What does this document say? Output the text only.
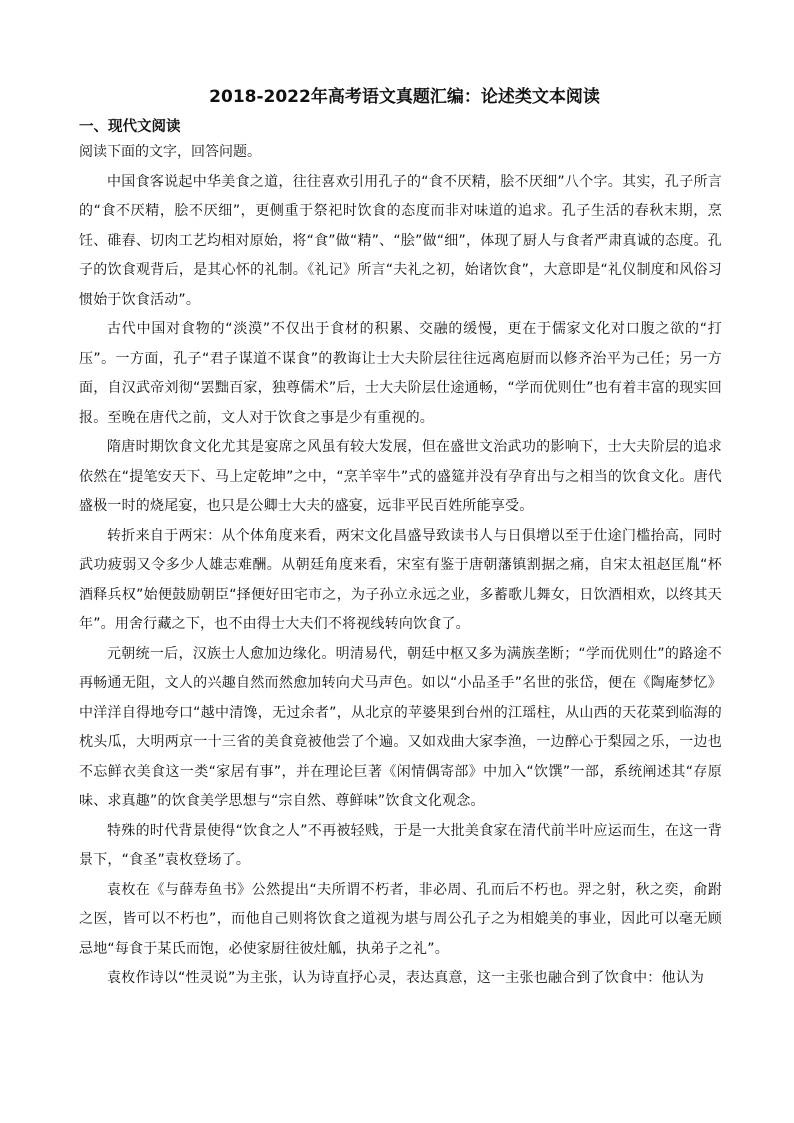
2018-2022年高考语文真题汇编：论述类文本阅读

一、现代文阅读

阅读下面的文字，回答问题。

中国食客说起中华美食之道，往往喜欢引用孔子的“食不厌精，脍不厌细”八个字。其实，孔子所言的“食不厌精，脍不厌细”，更侧重于祭祀时饮食的态度而非对味道的追求。孔子生活的春秋末期，烹饪、碓舂、切肉工艺均相对原始，将“食”做“精”、“脍”做“细”，体现了厨人与食者严肃真诚的态度。孔子的饮食观背后，是其心怀的礼制。《礼记》所言“夫礼之初，始诸饮食”，大意即是“礼仪制度和风俗习惯始于饮食活动”。

古代中国对食物的“淡漠”不仅出于食材的积累、交融的缓慢，更在于儒家文化对口腹之欲的“打压”。一方面，孔子“君子谋道不谋食”的教诲让士大夫阶层往往远离庖厨而以修齐治平为己任；另一方面，自汉武帝刘彻“罢黜百家，独尊儒术”后，士大夫阶层仕途通畅，“学而优则仕”也有着丰富的现实回报。至晚在唐代之前，文人对于饮食之事是少有重视的。

隋唐时期饮食文化尤其是宴席之风虽有较大发展，但在盛世文治武功的影响下，士大夫阶层的追求依然在“提笔安天下、马上定乾坤”之中，“烹羊宰牛”式的盛筵并没有孕育出与之相当的饮食文化。唐代盛极一时的烧尾宴，也只是公卿士大夫的盛宴，远非平民百姓所能享受。

转折来自于两宋：从个体角度来看，两宋文化昌盛导致读书人与日俱增以至于仕途门槛抬高，同时武功疲弱又令多少人雄志难酬。从朝廷角度来看，宋室有鉴于唐朝藩镇割据之痛，自宋太祖赵匡胤“杯酒释兵权”始便鼓励朝臣“择便好田宅市之，为子孙立永远之业，多蓄歌儿舞女，日饮酒相欢，以终其天年”。用舍行藏之下，也不由得士大夫们不将视线转向饮食了。

元朝统一后，汉族士人愈加边缘化。明清易代，朝廷中枢又多为满族垄断；“学而优则仕”的路途不再畅通无阻，文人的兴趣自然而然愈加转向犬马声色。如以“小品圣手”名世的张岱，便在《陶庵梦忆》中洋洋自得地夸口“越中清馋，无过余者”，从北京的苹婆果到台州的江瑶柱，从山西的天花菜到临海的枕头瓜，大明两京一十三省的美食竟被他尝了个遍。又如戏曲大家李渔，一边醉心于梨园之乐，一边也不忘鲜衣美食这一类“家居有事”，并在理论巨著《闲情偶寄部》中加入“饮馔”一部，系统阐述其“存原味、求真趣”的饮食美学思想与“宗自然、尊鲜味”饮食文化观念。

特殊的时代背景使得“饮食之人”不再被轻贱，于是一大批美食家在清代前半叶应运而生，在这一背景下，“食圣”袁枚登场了。

袁枚在《与薛寿鱼书》公然提出“夫所谓不朽者，非必周、孔而后不朽也。羿之射，秋之奕，俞跗之医，皆可以不朽也”，而他自己则将饮食之道视为堪与周公孔子之为相媲美的事业，因此可以毫无顾忌地“每食于某氏而饱，必使家厨往彼灶觚，执弟子之礼”。

袁枚作诗以“性灵说”为主张，认为诗直抒心灵，表达真意，这一主张也融合到了饮食中：他认为
